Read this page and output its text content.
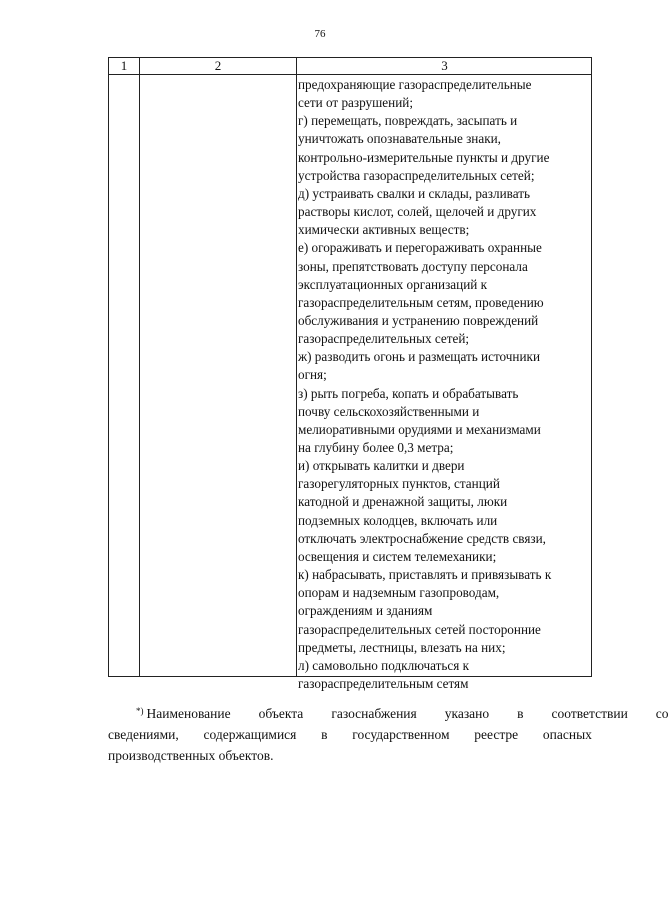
76
1	2	3
предохраняющие газораспределительные
сети от разрушений;
г) перемещать, повреждать, засыпать и
уничтожать опознавательные знаки,
контрольно-измерительные пункты и другие
устройства газораспределительных сетей;
д) устраивать свалки и склады, разливать
растворы кислот, солей, щелочей и других
химически активных веществ;
е) огораживать и перегораживать охранные
зоны, препятствовать доступу персонала
эксплуатационных организаций к
газораспределительным сетям, проведению
обслуживания и устранению повреждений
газораспределительных сетей;
ж) разводить огонь и размещать источники
огня;
з) рыть погреба, копать и обрабатывать
почву сельскохозяйственными и
мелиоративными орудиями и механизмами
на глубину более 0,3 метра;
и) открывать калитки и двери
газорегуляторных пунктов, станций
катодной и дренажной защиты, люки
подземных колодцев, включать или
отключать электроснабжение средств связи,
освещения и систем телемеханики;
к) набрасывать, приставлять и привязывать к
опорам и надземным газопроводам,
ограждениям и зданиям
газораспределительных сетей посторонние
предметы, лестницы, влезать на них;
л) самовольно подключаться к
газораспределительным сетям
*) Наименование	объекта	газоснабжения	указано	в	соответствии	со
сведениями, содержащимися в государственном реестре опасных
производственных объектов.
